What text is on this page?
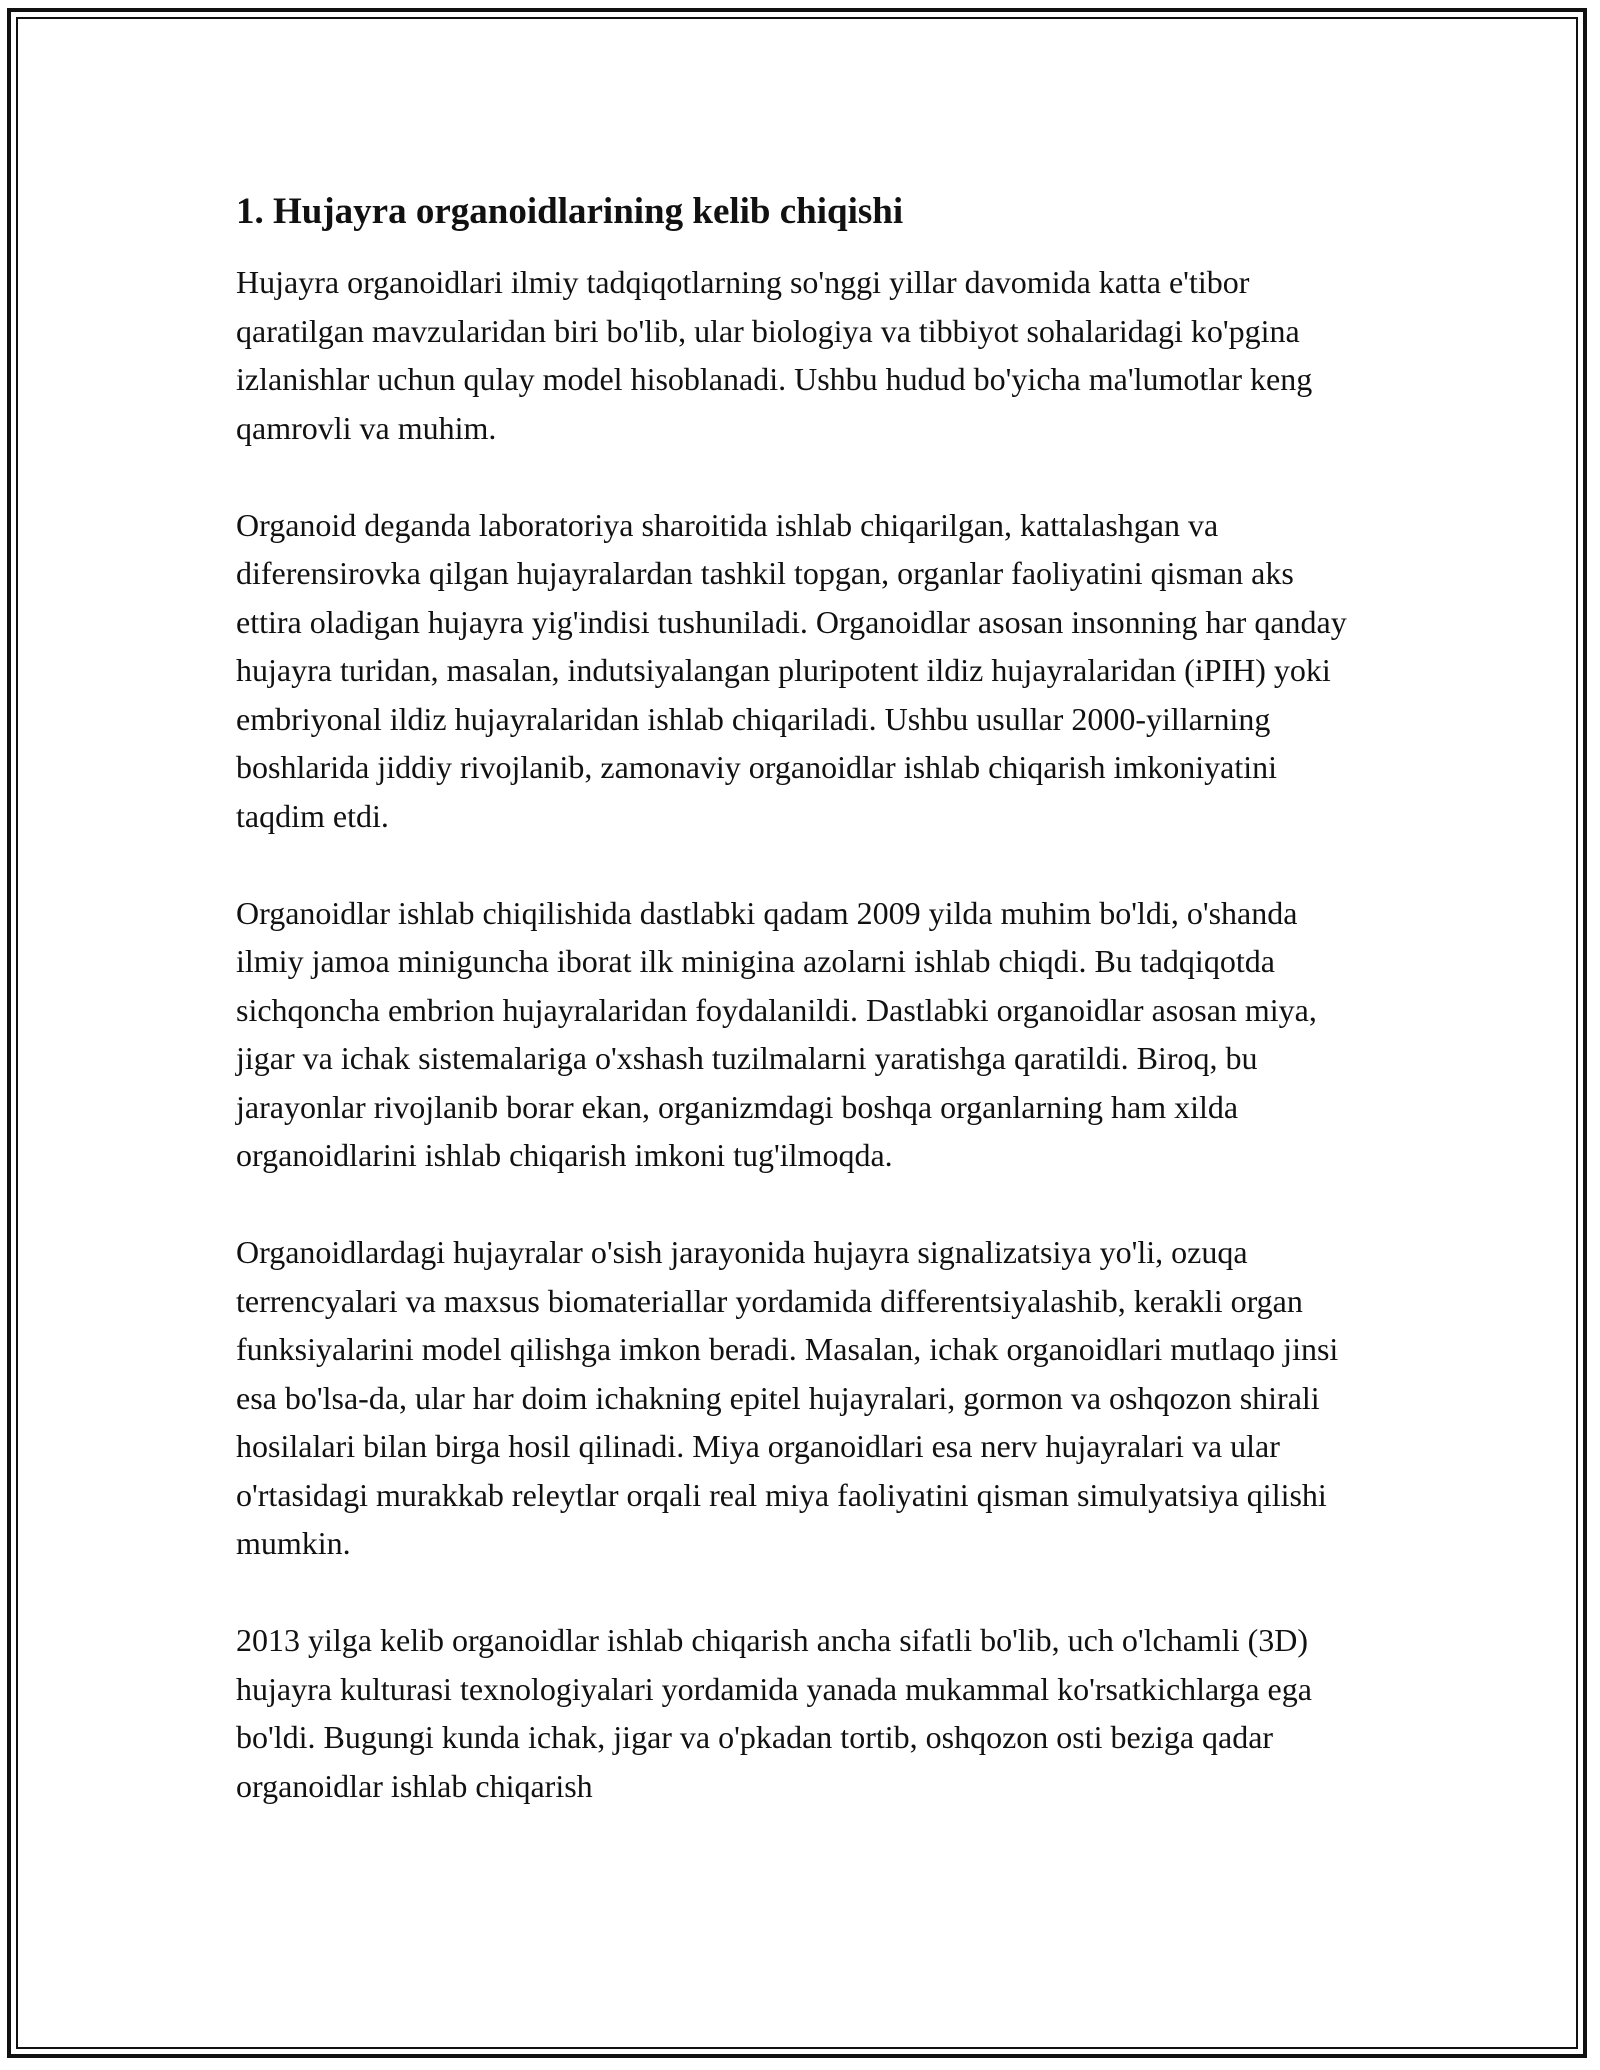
1. Hujayra organoidlarining kelib chiqishi

Hujayra organoidlari ilmiy tadqiqotlarning so'nggi yillar davomida katta e'tibor qaratilgan mavzularidan biri bo'lib, ular biologiya va tibbiyot sohalaridagi ko'pgina izlanishlar uchun qulay model hisoblanadi. Ushbu hudud bo'yicha ma'lumotlar keng qamrovli va muhim.

Organoid deganda laboratoriya sharoitida ishlab chiqarilgan, kattalashgan va diferensirovka qilgan hujayralardan tashkil topgan, organlar faoliyatini qisman aks ettira oladigan hujayra yig'indisi tushuniladi. Organoidlar asosan insonning har qanday hujayra turidan, masalan, indutsiyalangan pluripotent ildiz hujayralaridan (iPIH) yoki embriyonal ildiz hujayralaridan ishlab chiqariladi. Ushbu usullar 2000-yillarning boshlarida jiddiy rivojlanib, zamonaviy organoidlar ishlab chiqarish imkoniyatini taqdim etdi.

Organoidlar ishlab chiqilishida dastlabki qadam 2009 yilda muhim bo'ldi, o'shanda ilmiy jamoa miniguncha iborat ilk minigina azolarni ishlab chiqdi. Bu tadqiqotda sichqoncha embrion hujayralaridan foydalanildi. Dastlabki organoidlar asosan miya, jigar va ichak sistemalariga o'xshash tuzilmalarni yaratishga qaratildi. Biroq, bu jarayonlar rivojlanib borar ekan, organizmdagi boshqa organlarning ham xilda organoidlarini ishlab chiqarish imkoni tug'ilmoqda.

Organoidlardagi hujayralar o'sish jarayonida hujayra signalizatsiya yo'li, ozuqa terrencyalari va maxsus biomateriallar yordamida differentsiyalashib, kerakli organ funksiyalarini model qilishga imkon beradi. Masalan, ichak organoidlari mutlaqo jinsi esa bo'lsa-da, ular har doim ichakning epitel hujayralari, gormon va oshqozon shirali hosilalari bilan birga hosil qilinadi. Miya organoidlari esa nerv hujayralari va ular o'rtasidagi murakkab releytlar orqali real miya faoliyatini qisman simulyatsiya qilishi mumkin.

2013 yilga kelib organoidlar ishlab chiqarish ancha sifatli bo'lib, uch o'lchamli (3D) hujayra kulturasi texnologiyalari yordamida yanada mukammal ko'rsatkichlarga ega bo'ldi. Bugungi kunda ichak, jigar va o'pkadan tortib, oshqozon osti beziga qadar organoidlar ishlab chiqarish
